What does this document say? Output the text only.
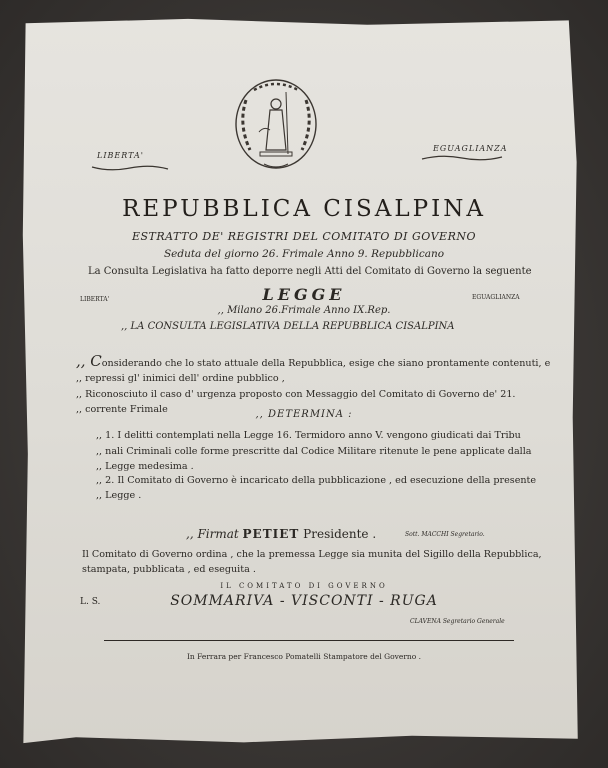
LIBERTA'
EGUAGLIANZA
REPUBBLICA CISALPINA
ESTRATTO DE' REGISTRI DEL COMITATO DI GOVERNO
Seduta del giorno 26. Frimale Anno 9. Repubblicano
La Consulta Legislativa ha fatto deporre negli Atti del Comitato di Governo la seguente
LEGGE
LIBERTA'	EGUAGLIANZA
,, Milano 26.Frimale Anno IX.Rep.
,, LA CONSULTA LEGISLATIVA DELLA REPUBBLICA CISALPINA
,, Considerando che lo stato attuale della Repubblica, esige che siano prontamente contenuti, e
,, repressi gl' inimici dell' ordine pubblico ,
,, Riconosciuto il caso d' urgenza proposto con Messaggio del Comitato di Governo de' 21.
,, corrente Frimale	,, DETERMINA :
,, 1. I delitti contemplati nella Legge 16. Termidoro anno V. vengono giudicati dai Tribu
,, nali Criminali colle forme prescritte dal Codice Militare ritenute le pene applicate dalla
,, Legge medesima .
,, 2. Il Comitato di Governo è incaricato della pubblicazione , ed esecuzione della presente
,, Legge .
,, Firmat PETIET Presidente .	Sott. MACCHI Segretario.
Il Comitato di Governo ordina , che la premessa Legge sia munita del Sigillo della Repubblica,
stampata, pubblicata , ed eseguita .
IL COMITATO DI GOVERNO
L. S.	SOMMARIVA - VISCONTI - RUGA
CLAVENA Segretario Generale
In Ferrara per Francesco Pomatelli Stampatore del Governo .
